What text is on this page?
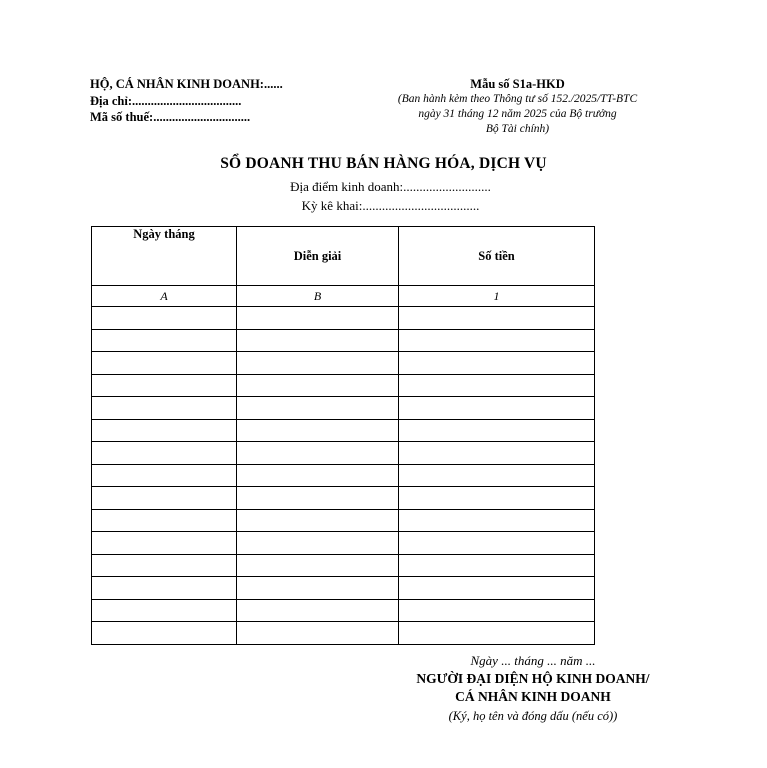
HỘ, CÁ NHÂN KINH DOANH:......
Địa chỉ:...................................
Mã số thuế:...............................
Mẫu số S1a-HKD
(Ban hành kèm theo Thông tư số 152./2025/TT-BTC
ngày 31 tháng 12 năm 2025 của Bộ trưởng
Bộ Tài chính)
SỔ DOANH THU BÁN HÀNG HÓA, DỊCH VỤ
Địa điểm kinh doanh:...........................
Kỳ kê khai:....................................
Ngày tháng	Diễn giải	Số tiền
A	B	1

Ngày ... tháng ... năm ...
NGƯỜI ĐẠI DIỆN HỘ KINH DOANH/
CÁ NHÂN KINH DOANH
(Ký, họ tên và đóng dấu (nếu có))
